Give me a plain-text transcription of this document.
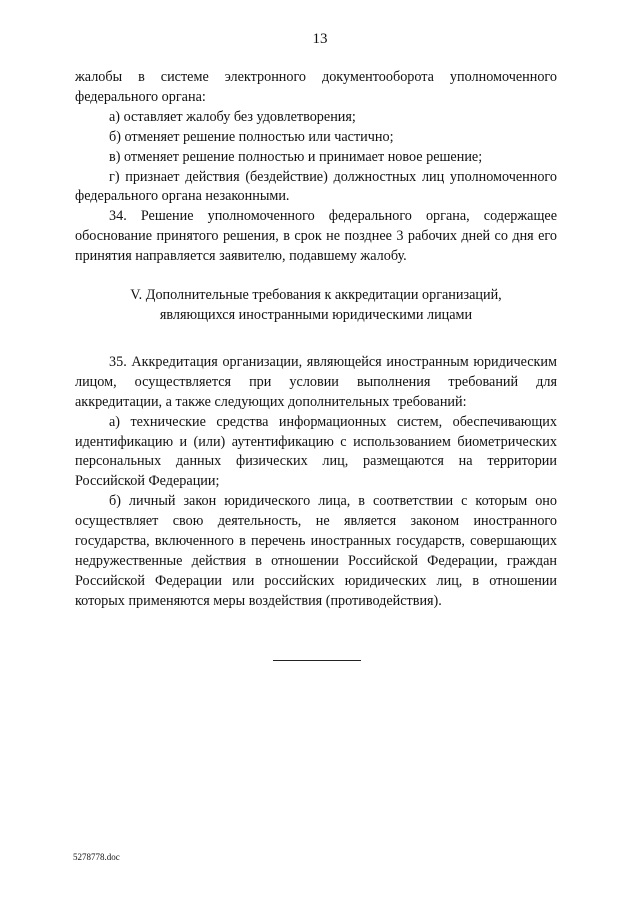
13

жалобы в системе электронного документооборота уполномоченного федерального органа:

а) оставляет жалобу без удовлетворения;

б) отменяет решение полностью или частично;

в) отменяет решение полностью и принимает новое решение;

г) признает действия (бездействие) должностных лиц уполномоченного федерального органа незаконными.

34. Решение уполномоченного федерального органа, содержащее обоснование принятого решения, в срок не позднее 3 рабочих дней со дня его принятия направляется заявителю, подавшему жалобу.

V. Дополнительные требования к аккредитации организаций,
являющихся иностранными юридическими лицами

35. Аккредитация организации, являющейся иностранным юридическим лицом, осуществляется при условии выполнения требований для аккредитации, а также следующих дополнительных требований:

а) технические средства информационных систем, обеспечивающих идентификацию и (или) аутентификацию с использованием биометрических персональных данных физических лиц, размещаются на территории Российской Федерации;

б) личный закон юридического лица, в соответствии с которым оно осуществляет свою деятельность, не является законом иностранного государства, включенного в перечень иностранных государств, совершающих недружественные действия в отношении Российской Федерации, граждан Российской Федерации или российских юридических лиц, в отношении которых применяются меры воздействия (противодействия).

5278778.doc
